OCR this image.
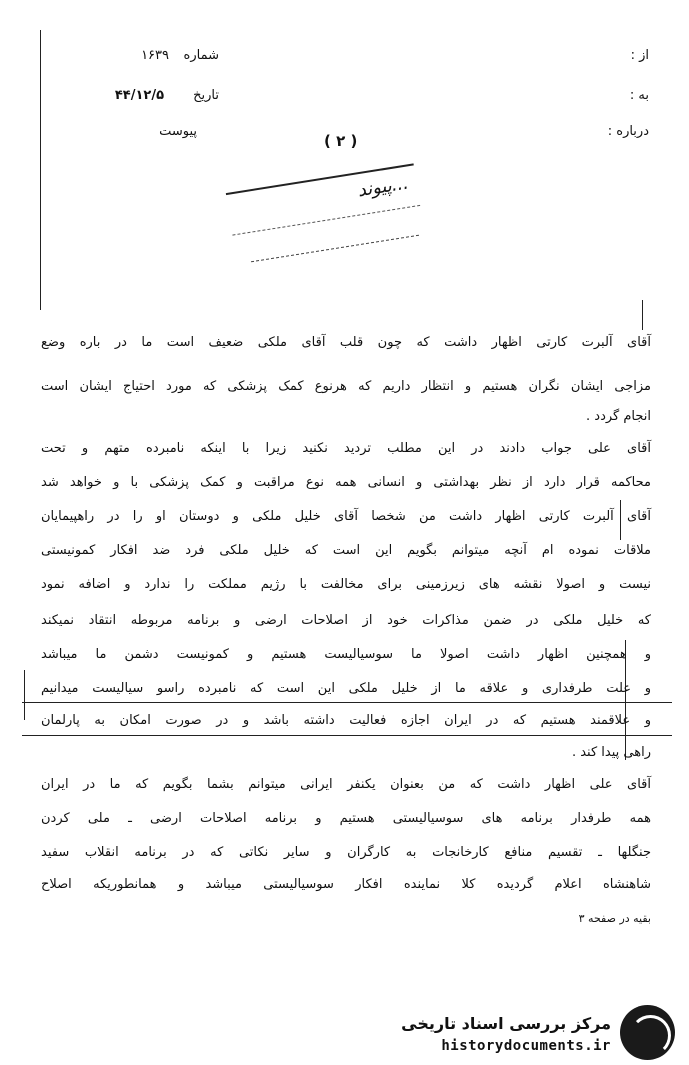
از :
شماره
۱۶۳۹
به :
تاریخ
۴۴/۱۲/۵
درباره :
پیوست
( ۲ )
...پیوند
آقای آلبرت کارتی اظهار داشت که چون قلب آقای ملکی ضعیف است ما در باره وضع
مزاجی ایشان نگران هستیم و انتظار داریم که هرنوع کمک پزشکی که مورد احتیاج ایشان است
انجام گردد .
آقای علی جواب دادند در این مطلب تردید نکنید زیرا با اینکه نامبرده متهم و تحت
محاکمه قرار دارد از نظر بهداشتی و انسانی همه نوع مراقبت و کمک پزشکی با و خواهد شد
آقای آلبرت کارتی اظهار داشت من شخصا آقای خلیل ملکی و دوستان او را در راهپیمایان
ملاقات نموده ام آنچه میتوانم بگویم این است که خلیل ملکی فرد ضد افکار کمونیستی
نیست و اصولا نقشه های زیرزمینی برای مخالفت با رژیم مملکت را ندارد و اضافه نمود
که خلیل ملکی در ضمن مذاکرات خود از اصلاحات ارضی و برنامه مربوطه انتقاد نمیکند
و همچنین اظهار داشت اصولا ما سوسیالیست هستیم و کمونیست دشمن ما میباشد
و علت طرفداری و علاقه ما از خلیل ملکی این است که نامبرده راسو سیالیست میدانیم
و علاقمند هستیم که در ایران اجازه فعالیت داشته باشد و در صورت امکان به پارلمان
راهی پیدا کند .
آقای علی اظهار داشت که من بعنوان یکنفر ایرانی میتوانم بشما بگویم که ما در ایران
همه طرفدار برنامه های سوسیالیستی هستیم و برنامه اصلاحات ارضی ـ ملی کردن
جنگلها ـ تقسیم منافع کارخانجات به کارگران و سایر نکاتی که در برنامه انقلاب سفید
شاهنشاه اعلام گردیده کلا نماینده افکار سوسیالیستی میباشد و همانطوریکه اصلاح
بقیه در صفحه ۳
مرکز بررسی اسناد تاریخی
historydocuments.ir
